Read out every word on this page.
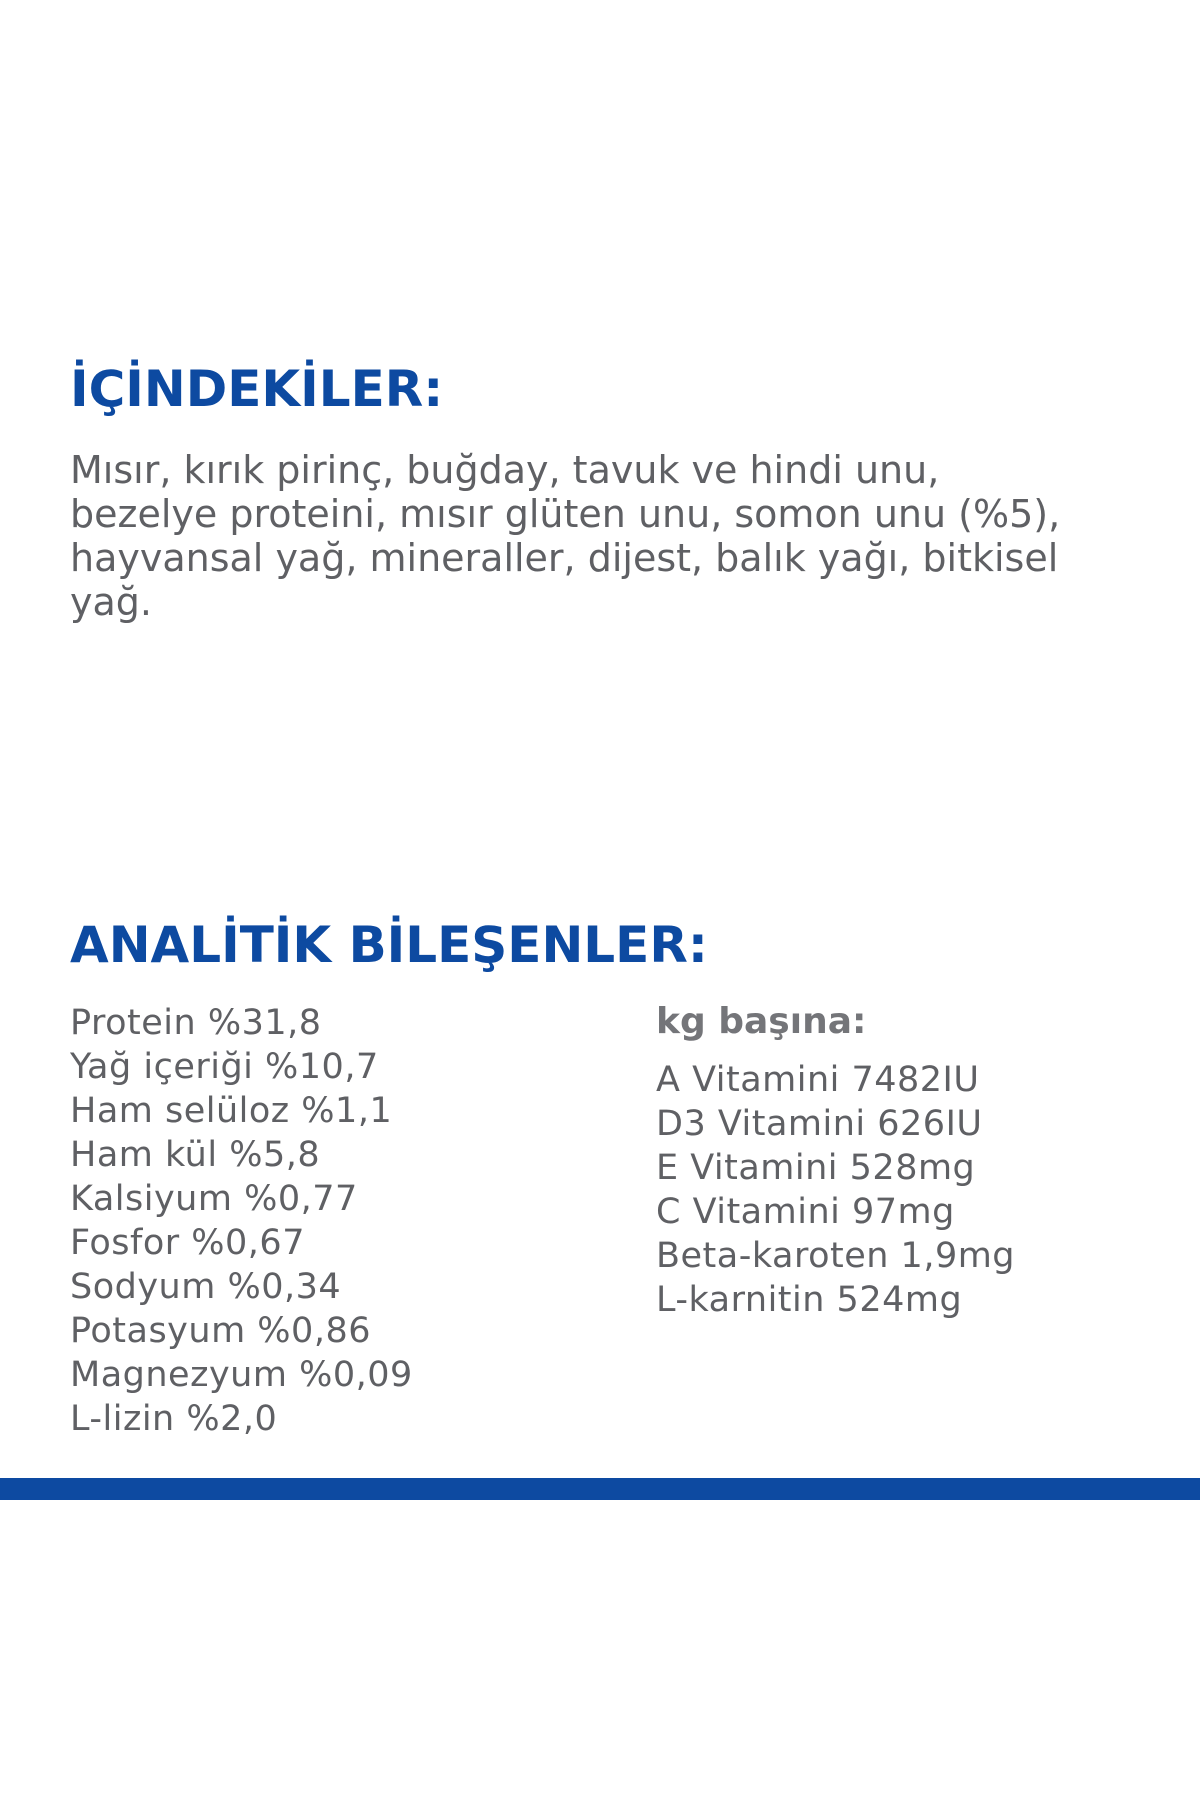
İÇİNDEKİLER:

Mısır, kırık pirinç, buğday, tavuk ve hindi unu,
bezelye proteini, mısır glüten unu, somon unu (%5),
hayvansal yağ, mineraller, dijest, balık yağı, bitkisel
yağ.

ANALİTİK BİLEŞENLER:
Protein %31,8
Yağ içeriği %10,7
Ham selüloz %1,1
Ham kül %5,8
Kalsiyum %0,77
Fosfor %0,67
Sodyum %0,34
Potasyum %0,86
Magnezyum %0,09
L-lizin %2,0
kg başına:
A Vitamini 7482IU
D3 Vitamini 626IU
E Vitamini 528mg
C Vitamini 97mg
Beta-karoten 1,9mg
L-karnitin 524mg
